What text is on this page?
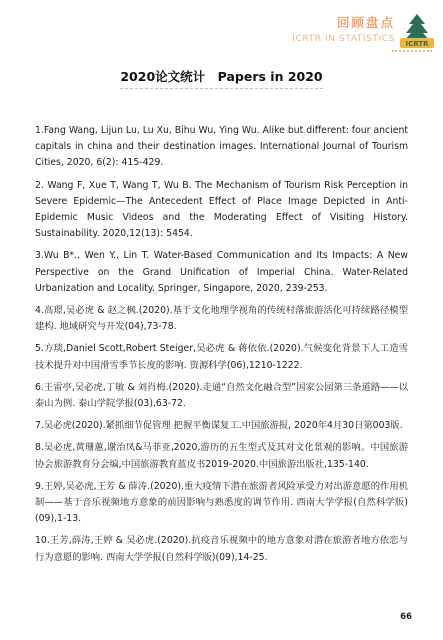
回顾盘点
ICRTR IN STATISTICS
ICRTR
2020论文统计　Papers in 2020

1.Fang Wang, Lijun Lu, Lu Xu, Bihu Wu, Ying Wu. Alike but different: four ancient capitals in china and their destination images. International Journal of Tourism Cities, 2020, 6(2): 415-429.

2. Wang F, Xue T, Wang T, Wu B. The Mechanism of Tourism Risk Perception in Severe Epidemic—The Antecedent Effect of Place Image Depicted in Anti-Epidemic Music Videos and the Moderating Effect of Visiting History. Sustainability. 2020,12(13): 5454.

3.Wu B*., Wen Y., Lin T. Water-Based Communication and Its Impacts: A New Perspective on the Grand Unification of Imperial China. Water-Related Urbanization and Locality. Springer, Singapore, 2020, 239-253.

4.高璟,吴必虎 & 赵之枫.(2020).基于文化地理学视角的传统村落旅游活化可持续路径模型建构. 地域研究与开发(04),73-78.

5.方琰,Daniel Scott,Robert Steiger,吴必虎 & 蒋依依.(2020).气候变化背景下人工造雪技术提升对中国滑雪季节长度的影响. 资源科学(06),1210-1222.

6.王雷亭,吴必虎,丁敏 & 刘肖梅.(2020).走通“自然文化融合型”国家公园第三条道路——以泰山为例. 泰山学院学报(03),63-72.

7.吴必虎(2020).紧抓细节促管理 把握平衡谋复工.中国旅游报, 2020年4月30日第003版.

8.吴必虎,黄珊蕙,谢治凤&马菲亚,2020,游历的五生型式及其对文化景观的影响。中国旅游协会旅游教育分会编,中国旅游教育蓝皮书2019-2020.中国旅游出版社,135-140.

9.王婷,吴必虎,王芳 & 薛涛.(2020).重大疫情下潜在旅游者风险承受力对出游意愿的作用机制——基于音乐视频地方意象的前因影响与熟悉度的调节作用. 西南大学学报(自然科学版)(09),1-13.

10.王芳,薛涛,王婷 & 吴必虎.(2020).抗疫音乐视频中的地方意象对潜在旅游者地方依恋与行为意愿的影响. 西南大学学报(自然科学版)(09),14-25.

66
